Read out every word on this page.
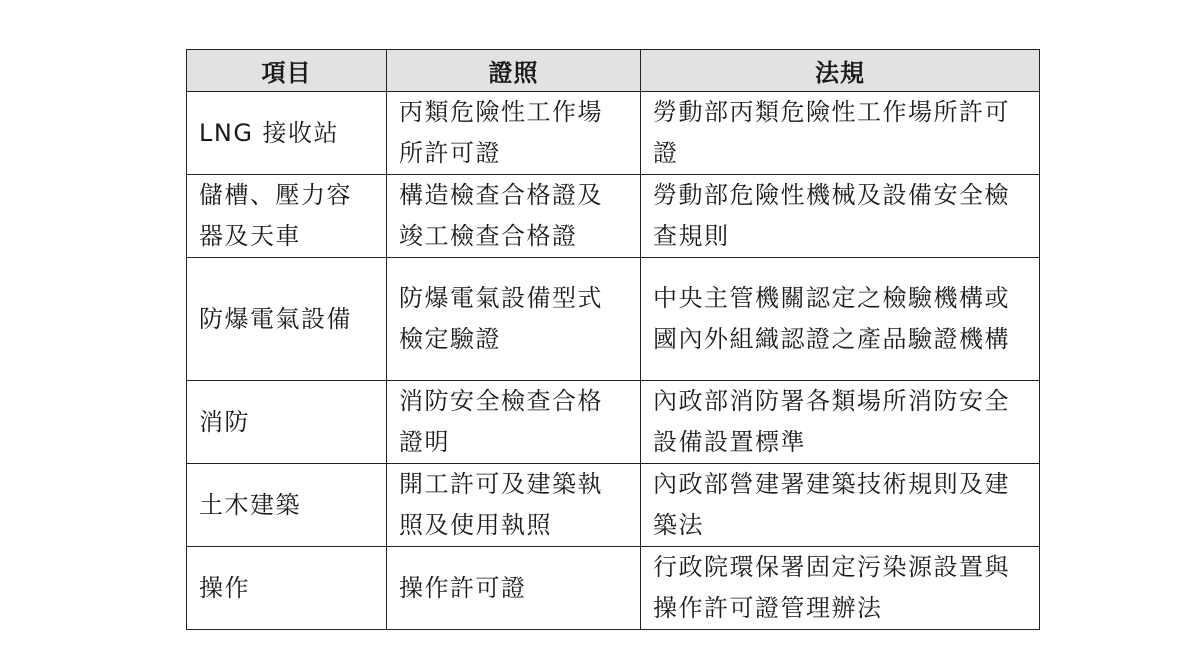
項目	證照	法規
LNG 接收站	丙類危險性工作場所許可證	勞動部丙類危險性工作場所許可證
儲槽、壓力容器及天車	構造檢查合格證及竣工檢查合格證	勞動部危險性機械及設備安全檢查規則
防爆電氣設備	防爆電氣設備型式檢定驗證	中央主管機關認定之檢驗機構或國內外組織認證之產品驗證機構
消防	消防安全檢查合格證明	內政部消防署各類場所消防安全設備設置標準
土木建築	開工許可及建築執照及使用執照	內政部營建署建築技術規則及建築法
操作	操作許可證	行政院環保署固定污染源設置與操作許可證管理辦法
